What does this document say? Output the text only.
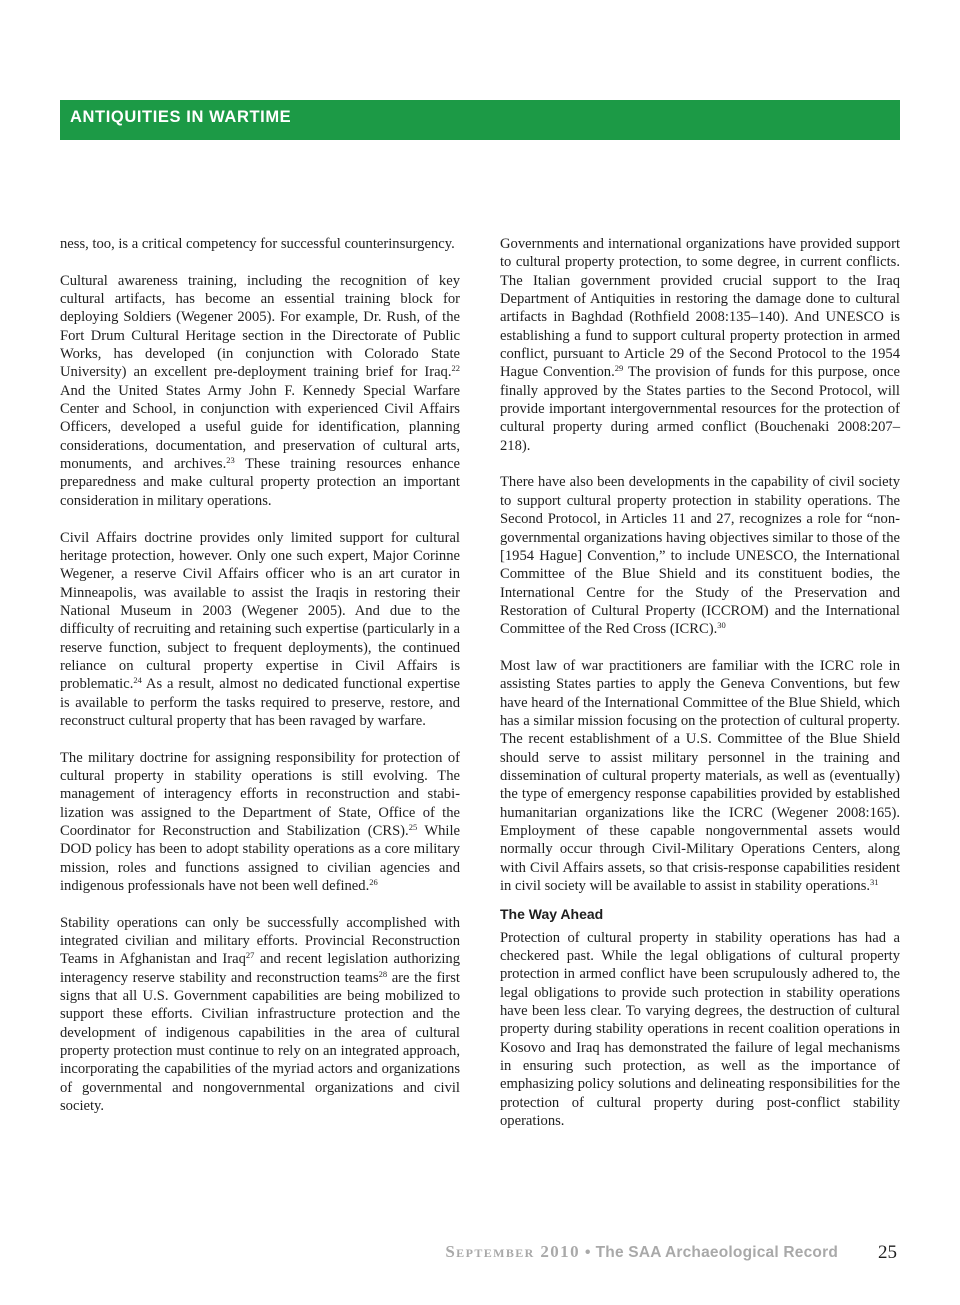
ANTIQUITIES IN WARTIME

ness, too, is a critical competency for successful counterinsurgency.

Cultural awareness training, including the recognition of key cultural artifacts, has become an essential training block for deploying Soldiers (Wegener 2005). For example, Dr. Rush, of the Fort Drum Cultural Heritage section in the Directorate of Public Works, has developed (in conjunction with Colorado State University) an excellent pre-deployment training brief for Iraq.$^{22}$ And the United States Army John F. Kennedy Special Warfare Center and School, in conjunction with experienced Civil Affairs Officers, developed a useful guide for identification, planning considerations, documentation, and preservation of cultural arts, monuments, and archives.$^{23}$ These training resources enhance preparedness and make cultural property protection an important consideration in military operations.

Civil Affairs doctrine provides only limited support for cultural heritage protection, however. Only one such expert, Major Corinne Wegener, a reserve Civil Affairs officer who is an art curator in Minneapolis, was available to assist the Iraqis in restoring their National Museum in 2003 (Wegener 2005). And due to the difficulty of recruiting and retaining such expertise (particularly in a reserve function, subject to frequent deployments), the continued reliance on cultural property expertise in Civil Affairs is problematic.$^{24}$ As a result, almost no dedicated functional expertise is available to perform the tasks required to preserve, restore, and reconstruct cultural property that has been ravaged by warfare.

The military doctrine for assigning responsibility for protection of cultural property in stability operations is still evolving. The management of interagency efforts in reconstruction and stabilization was assigned to the Department of State, Office of the Coordinator for Reconstruction and Stabilization (CRS).$^{25}$ While DOD policy has been to adopt stability operations as a core military mission, roles and functions assigned to civilian agencies and indigenous professionals have not been well defined.$^{26}$

Stability operations can only be successfully accomplished with integrated civilian and military efforts. Provincial Reconstruction Teams in Afghanistan and Iraq$^{27}$ and recent legislation authorizing interagency reserve stability and reconstruction teams$^{28}$ are the first signs that all U.S. Government capabilities are being mobilized to support these efforts. Civilian infrastructure protection and the development of indigenous capabilities in the area of cultural property protection must continue to rely on an integrated approach, incorporating the capabilities of the myriad actors and organizations of governmental and nongovernmental organizations and civil society.

Governments and international organizations have provided support to cultural property protection, to some degree, in current conflicts. The Italian government provided crucial support to the Iraq Department of Antiquities in restoring the damage done to cultural artifacts in Baghdad (Rothfield 2008:135–140). And UNESCO is establishing a fund to support cultural property protection in armed conflict, pursuant to Article 29 of the Second Protocol to the 1954 Hague Convention.$^{29}$ The provision of funds for this purpose, once finally approved by the States parties to the Second Protocol, will provide important intergovernmental resources for the protection of cultural property during armed conflict (Bouchenaki 2008:207–218).

There have also been developments in the capability of civil society to support cultural property protection in stability operations. The Second Protocol, in Articles 11 and 27, recognizes a role for “non-governmental organizations having objectives similar to those of the [1954 Hague] Convention,” to include UNESCO, the International Committee of the Blue Shield and its constituent bodies, the International Centre for the Study of the Preservation and Restoration of Cultural Property (ICCROM) and the International Committee of the Red Cross (ICRC).$^{30}$

Most law of war practitioners are familiar with the ICRC role in assisting States parties to apply the Geneva Conventions, but few have heard of the International Committee of the Blue Shield, which has a similar mission focusing on the protection of cultural property. The recent establishment of a U.S. Committee of the Blue Shield should serve to assist military personnel in the training and dissemination of cultural property materials, as well as (eventually) the type of emergency response capabilities provided by established humanitarian organizations like the ICRC (Wegener 2008:165). Employment of these capable nongovernmental assets would normally occur through Civil-Military Operations Centers, along with Civil Affairs assets, so that crisis-response capabilities resident in civil society will be available to assist in stability operations.$^{31}$

The Way Ahead

Protection of cultural property in stability operations has had a checkered past. While the legal obligations of cultural property protection in armed conflict have been scrupulously adhered to, the legal obligations to provide such protection in stability operations have been less clear. To varying degrees, the destruction of cultural property during stability operations in recent coalition operations in Kosovo and Iraq has demonstrated the failure of legal mechanisms in ensuring such protection, as well as the importance of emphasizing policy solutions and delineating responsibilities for the protection of cultural property during post-conflict stability operations.

September 2010 • The SAA Archaeological Record 25
